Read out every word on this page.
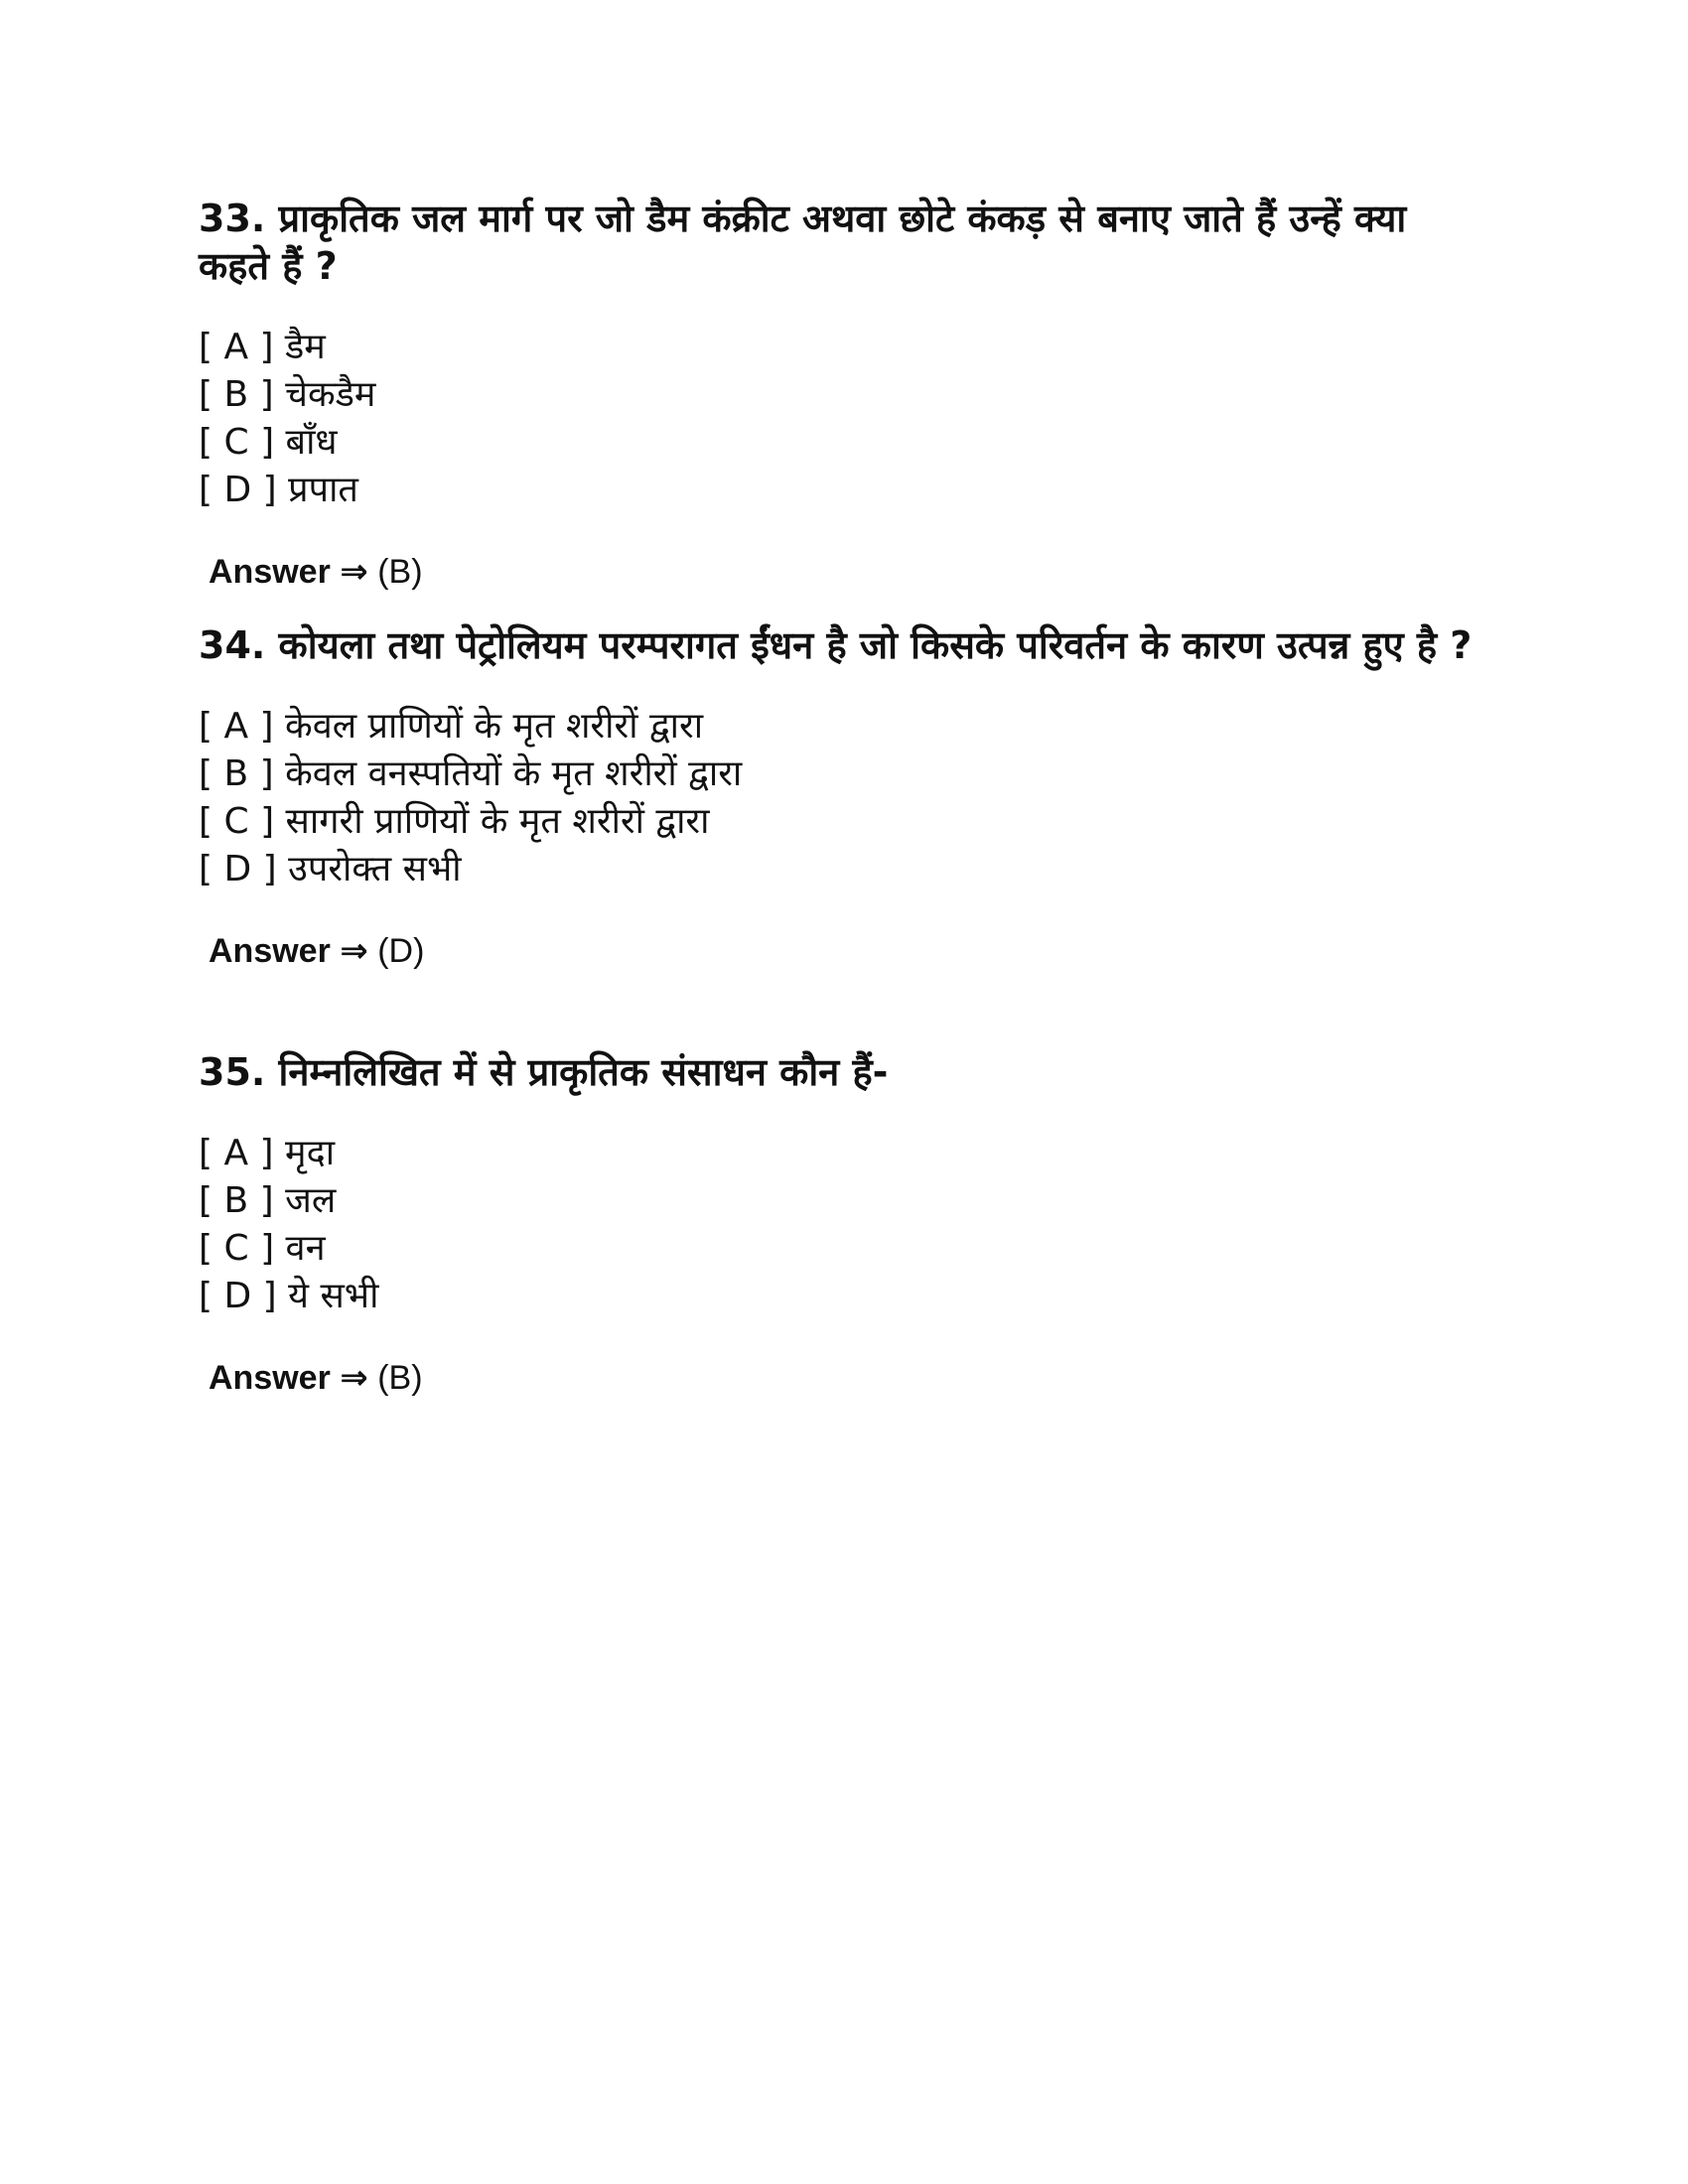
33. प्राकृतिक जल मार्ग पर जो डैम कंक्रीट अथवा छोटे कंकड़ से बनाए जाते हैं उन्हें क्या कहते हैं ?

[ A ] डैम
[ B ] चेकडैम
[ C ] बाँध
[ D ] प्रपात
Answer ⇒ (B)

34. कोयला तथा पेट्रोलियम परम्परागत ईंधन है जो किसके परिवर्तन के कारण उत्पन्न हुए है ?

[ A ] केवल प्राणियों के मृत शरीरों द्वारा
[ B ] केवल वनस्पतियों के मृत शरीरों द्वारा
[ C ] सागरी प्राणियों के मृत शरीरों द्वारा
[ D ] उपरोक्त सभी
Answer ⇒ (D)

35. निम्नलिखित में से प्राकृतिक संसाधन कौन हैं-

[ A ] मृदा
[ B ] जल
[ C ] वन
[ D ] ये सभी
Answer ⇒ (B)
